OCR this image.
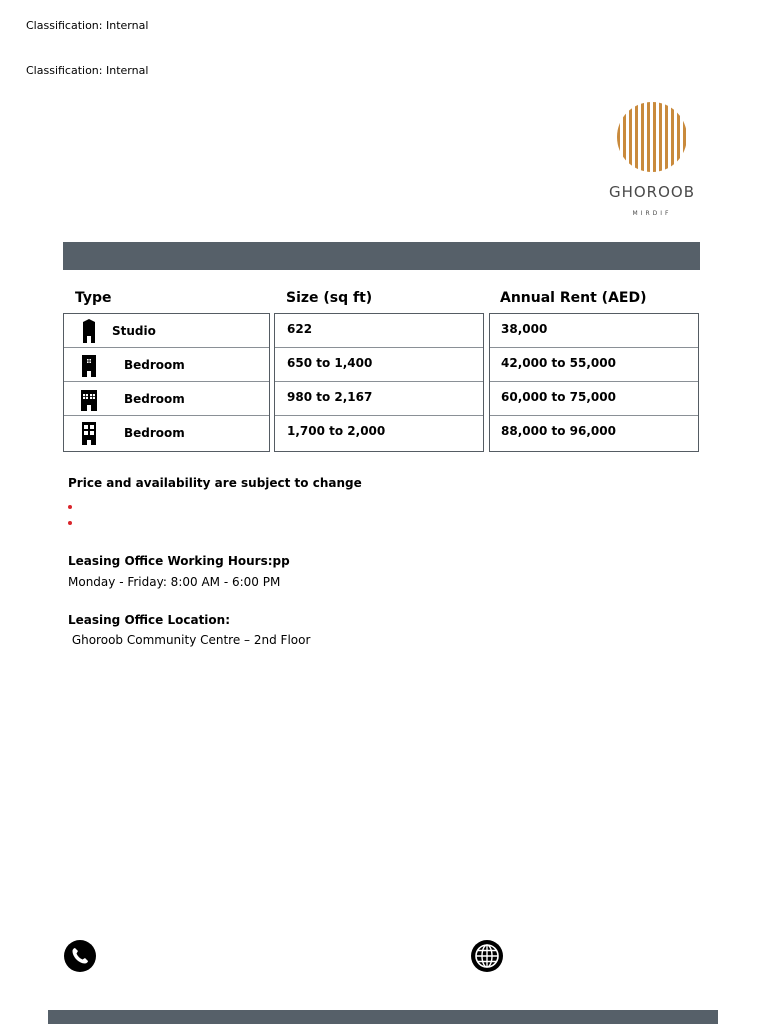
Classification: Internal
Classification: Internal
GHOROOB
MIRDIF
Type	Size (sq ft)	Annual Rent (AED)
Studio
Bedroom
Bedroom
Bedroom
622
650 to 1,400
980 to 2,167
1,700 to 2,000
38,000
42,000 to 55,000
60,000 to 75,000
88,000 to 96,000
Price and availability are subject to change
Leasing Office Working Hours:pp
Monday - Friday: 8:00 AM - 6:00 PM
Leasing Office Location:
Ghoroob Community Centre – 2nd Floor
